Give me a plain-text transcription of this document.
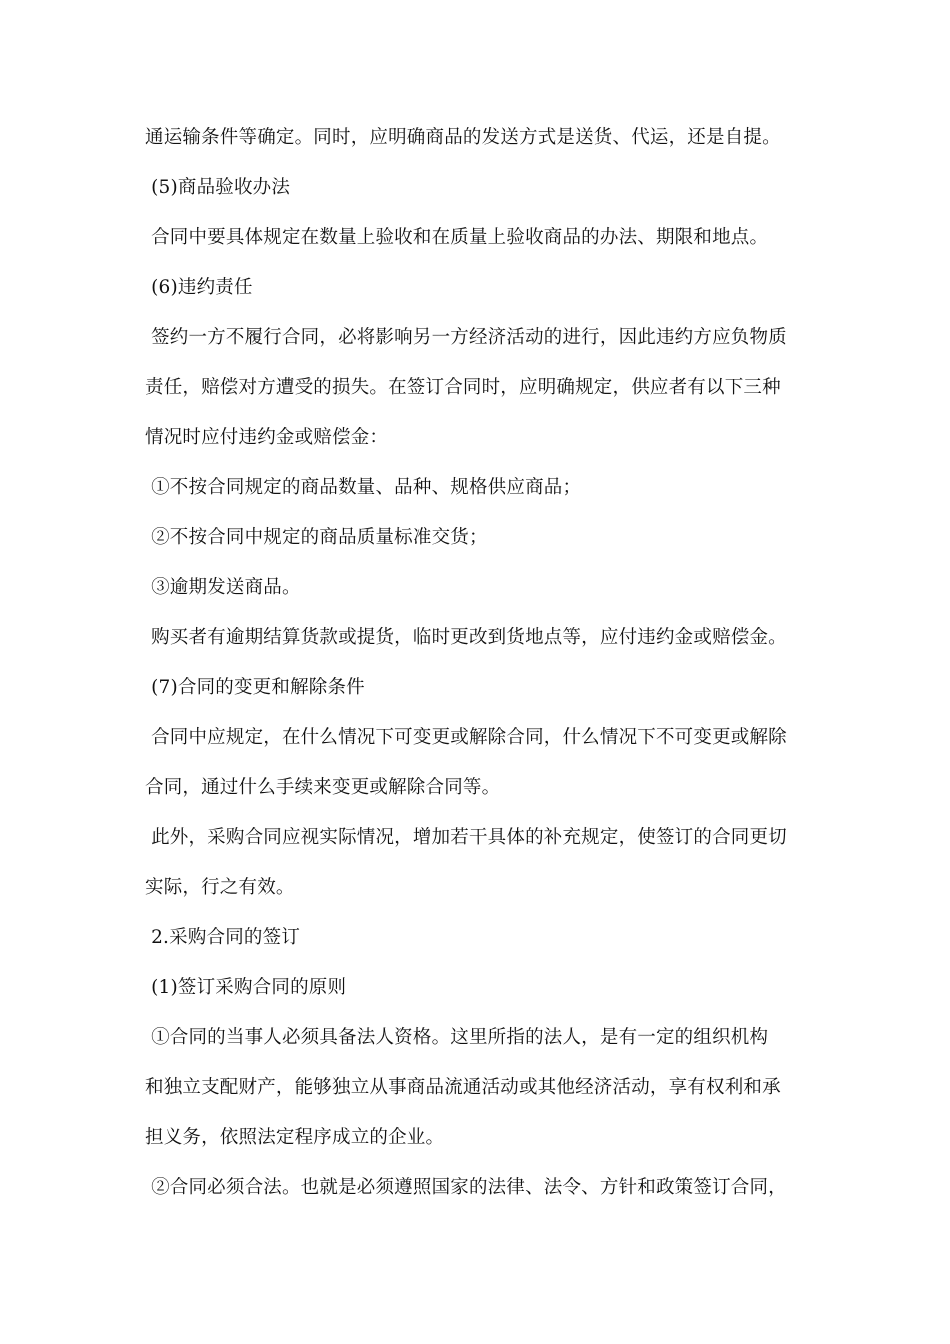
通运输条件等确定。同时，应明确商品的发送方式是送货、代运，还是自提。
(5)商品验收办法
合同中要具体规定在数量上验收和在质量上验收商品的办法、期限和地点。
(6)违约责任
签约一方不履行合同，必将影响另一方经济活动的进行，因此违约方应负物质
责任，赔偿对方遭受的损失。在签订合同时，应明确规定，供应者有以下三种
情况时应付违约金或赔偿金：
①不按合同规定的商品数量、品种、规格供应商品；
②不按合同中规定的商品质量标准交货；
③逾期发送商品。
购买者有逾期结算货款或提货，临时更改到货地点等，应付违约金或赔偿金。
(7)合同的变更和解除条件
合同中应规定，在什么情况下可变更或解除合同，什么情况下不可变更或解除
合同，通过什么手续来变更或解除合同等。
此外，采购合同应视实际情况，增加若干具体的补充规定，使签订的合同更切
实际，行之有效。
2.采购合同的签订
(1)签订采购合同的原则
①合同的当事人必须具备法人资格。这里所指的法人，是有一定的组织机构
和独立支配财产，能够独立从事商品流通活动或其他经济活动，享有权利和承
担义务，依照法定程序成立的企业。
②合同必须合法。也就是必须遵照国家的法律、法令、方针和政策签订合同，
